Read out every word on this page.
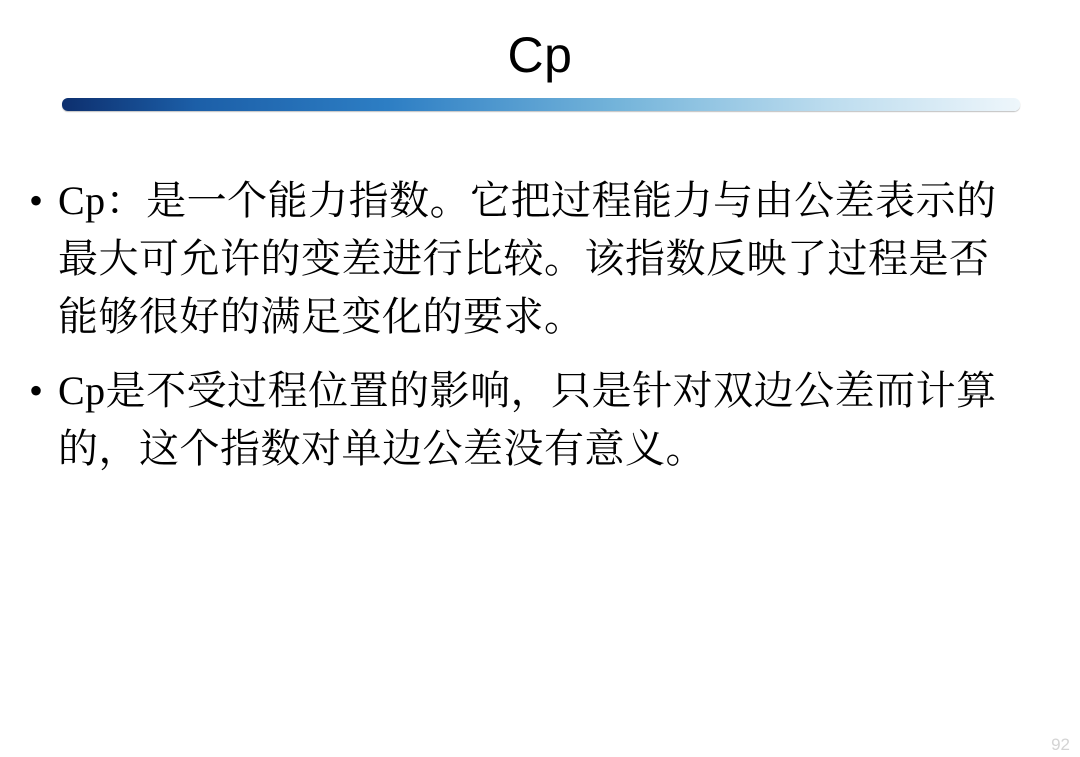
Cp
• Cp：是一个能力指数。它把过程能力与由公差表示的最大可允许的变差进行比较。该指数反映了过程是否能够很好的满足变化的要求。
• Cp是不受过程位置的影响，只是针对双边公差而计算的，这个指数对单边公差没有意义。
92
